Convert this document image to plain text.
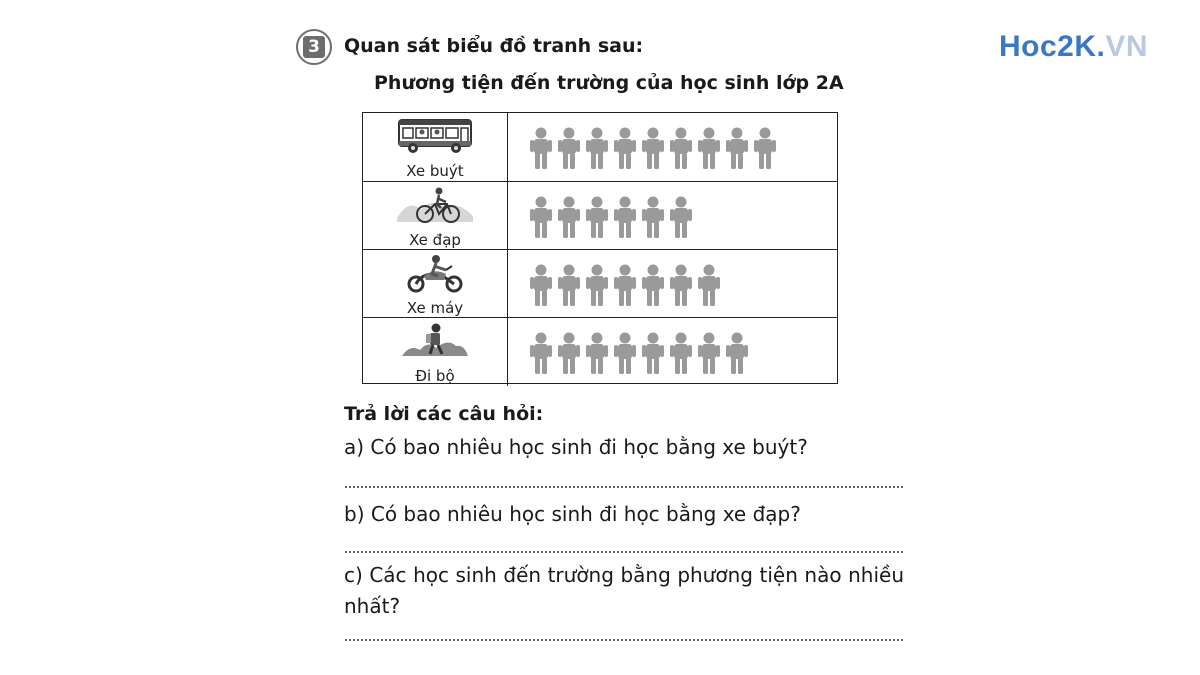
Hoc2K.VN
3 Quan sát biểu đồ tranh sau:
Phương tiện đến trường của học sinh lớp 2A
Xe buýt
Xe đạp
Xe máy
Đi bộ
Trả lời các câu hỏi:
a) Có bao nhiêu học sinh đi học bằng xe buýt?
b) Có bao nhiêu học sinh đi học bằng xe đạp?
c) Các học sinh đến trường bằng phương tiện nào nhiều nhất?
